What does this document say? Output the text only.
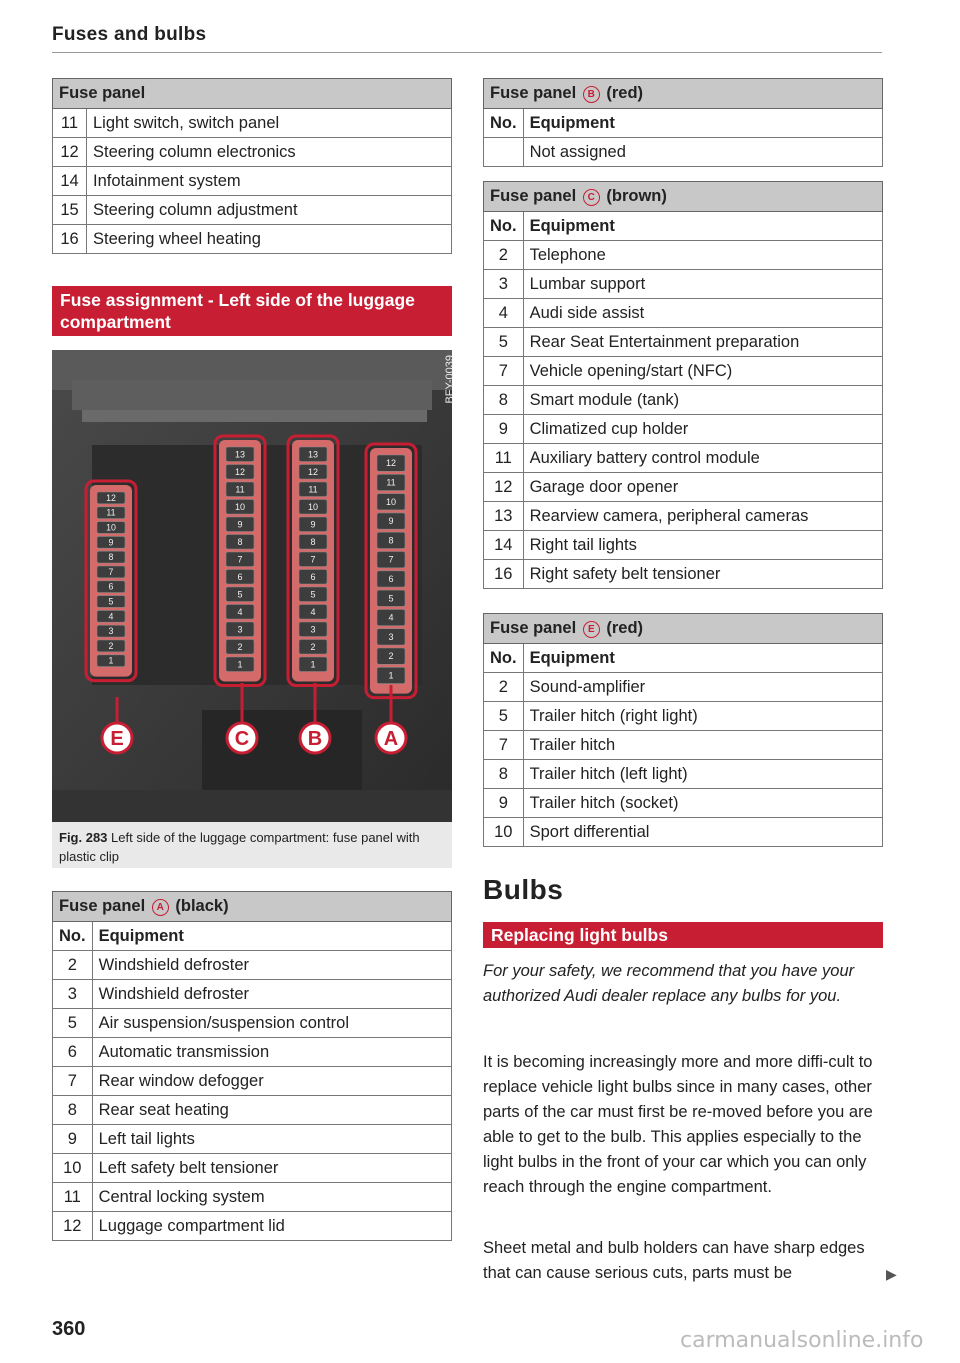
Fuses and bulbs
Fuse panel	
11	Light switch, switch panel
12	Steering column electronics
14	Infotainment system
15	Steering column adjustment
16	Steering wheel heating
Fuse assignment - Left side of the luggage compartment
12
11
10
9
8
7
6
5
4
3
2
1
13
12
11
10
9
8
7
6
5
4
3
2
1
13
12
11
10
9
8
7
6
5
4
3
2
1
12
11
10
9
8
7
6
5
4
3
2
1
E	C	B	A
BFY-0039
Fig. 283 Left side of the luggage compartment: fuse panel with plastic clip
Fuse panel A (black)	
No.	Equipment
2	Windshield defroster
3	Windshield defroster
5	Air suspension/suspension control
6	Automatic transmission
7	Rear window defogger
8	Rear seat heating
9	Left tail lights
10	Left safety belt tensioner
11	Central locking system
12	Luggage compartment lid
Fuse panel B (red)	
No.	Equipment
	Not assigned
Fuse panel C (brown)	
No.	Equipment
2	Telephone
3	Lumbar support
4	Audi side assist
5	Rear Seat Entertainment preparation
7	Vehicle opening/start (NFC)
8	Smart module (tank)
9	Climatized cup holder
11	Auxiliary battery control module
12	Garage door opener
13	Rearview camera, peripheral cameras
14	Right tail lights
16	Right safety belt tensioner
Fuse panel E (red)	
No.	Equipment
2	Sound-amplifier
5	Trailer hitch (right light)
7	Trailer hitch
8	Trailer hitch (left light)
9	Trailer hitch (socket)
10	Sport differential
Bulbs
Replacing light bulbs
For your safety, we recommend that you have your authorized Audi dealer replace any bulbs for you.
It is becoming increasingly more and more diffi-cult to replace vehicle light bulbs since in many cases, other parts of the car must first be re-moved before you are able to get to the bulb. This applies especially to the light bulbs in the front of your car which you can only reach through the engine compartment.
Sheet metal and bulb holders can have sharp edges that can cause serious cuts, parts must be	▶
360	carmanualsonline.info
